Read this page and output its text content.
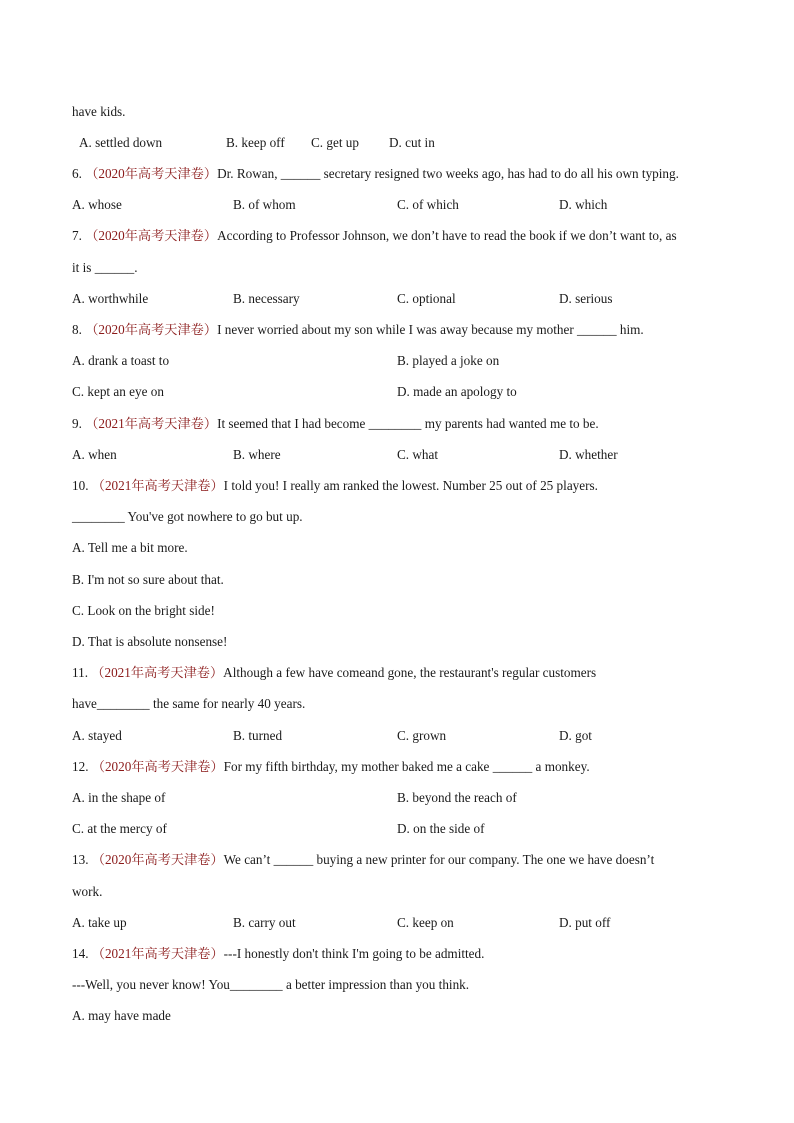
have kids.
A. settled down	B. keep off C. get up D. cut in
6. （2020年高考天津卷）Dr. Rowan, ______ secretary resigned two weeks ago, has had to do all his own typing.
A. whose	B. of whom	C. of which	D. which
7. （2020年高考天津卷）According to Professor Johnson, we don’t have to read the book if we don’t want to, as
it is ______.
A. worthwhile	B. necessary	C. optional	D. serious
8. （2020年高考天津卷）I never worried about my son while I was away because my mother ______ him.
A. drank a toast to	B. played a joke on
C. kept an eye on	D. made an apology to
9. （2021年高考天津卷）It seemed that I had become ________ my parents had wanted me to be.
A. when	B. where	C. what	D. whether
10. （2021年高考天津卷）I told you! I really am ranked the lowest. Number 25 out of 25 players.
________ You've got nowhere to go but up.
A. Tell me a bit more.
B. I'm not so sure about that.
C. Look on the bright side!
D. That is absolute nonsense!
11. （2021年高考天津卷）Although a few have comeand gone, the restaurant's regular customers
have________ the same for nearly 40 years.
A. stayed	B. turned	C. grown	D. got
12. （2020年高考天津卷）For my fifth birthday, my mother baked me a cake ______ a monkey.
A. in the shape of	B. beyond the reach of
C. at the mercy of	D. on the side of
13. （2020年高考天津卷）We can’t ______ buying a new printer for our company. The one we have doesn’t
work.
A. take up	B. carry out	C. keep on	D. put off
14. （2021年高考天津卷）---I honestly don't think I'm going to be admitted.
---Well, you never know! You________ a better impression than you think.
A. may have made
